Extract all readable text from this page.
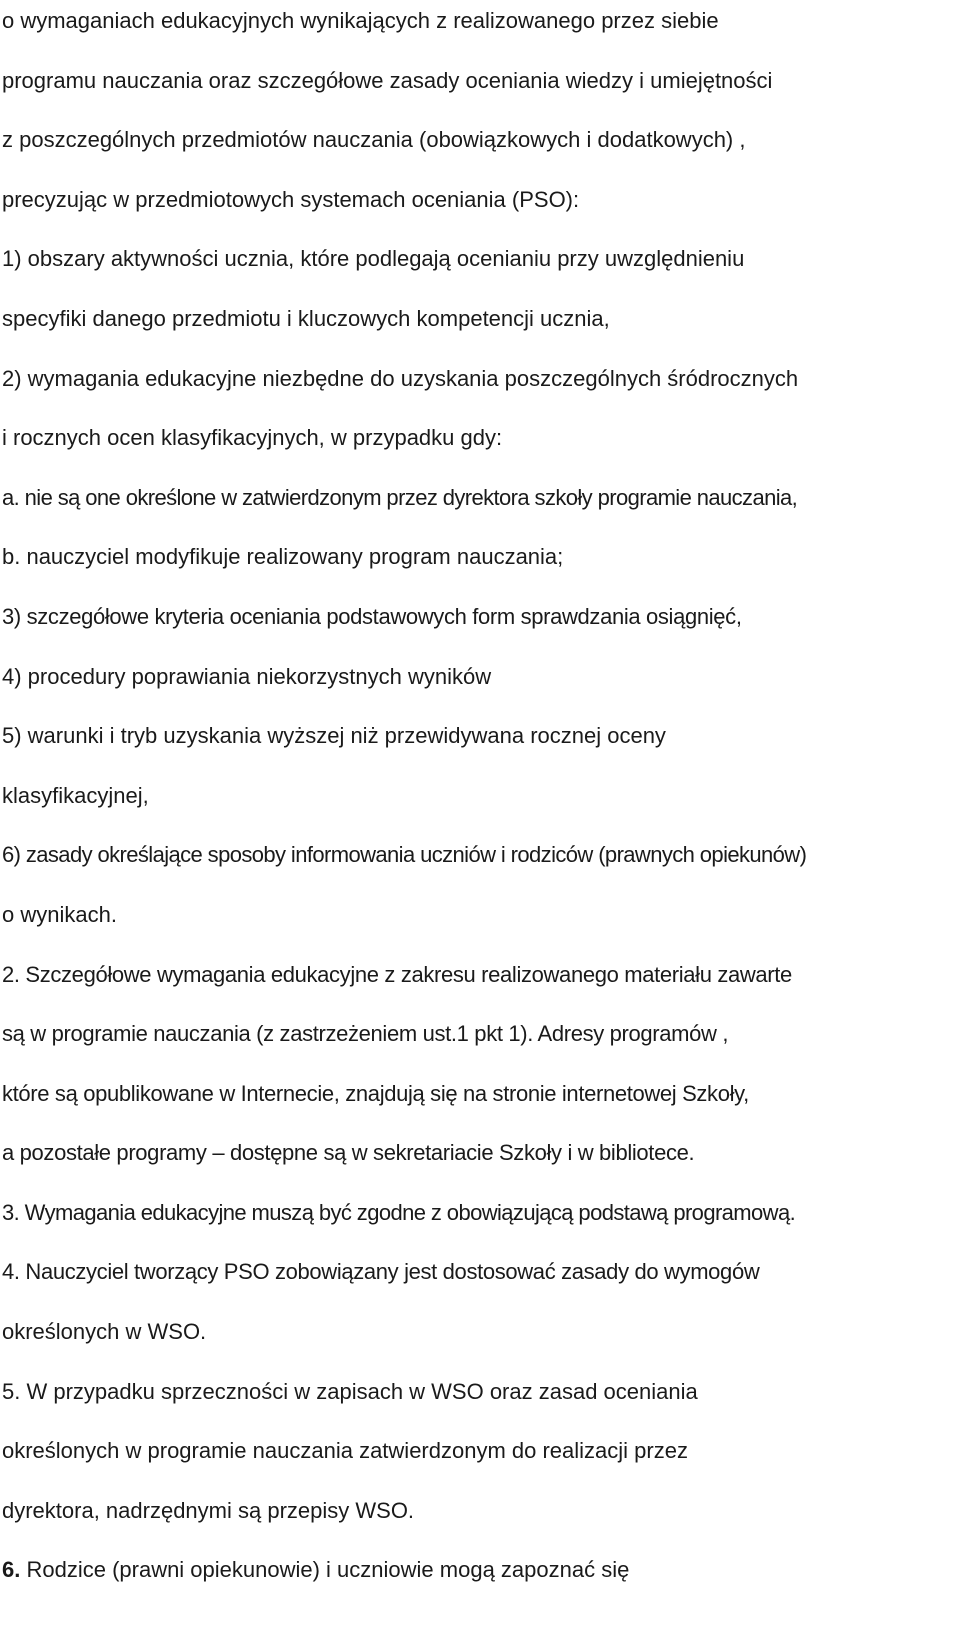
o wymaganiach edukacyjnych wynikających z realizowanego przez siebie
programu nauczania oraz szczegółowe zasady oceniania wiedzy i umiejętności
z poszczególnych przedmiotów nauczania (obowiązkowych i dodatkowych) ,
precyzując w przedmiotowych systemach oceniania (PSO):
1) obszary aktywności ucznia, które podlegają ocenianiu przy uwzględnieniu
specyfiki danego przedmiotu i kluczowych kompetencji ucznia,
2) wymagania edukacyjne niezbędne do uzyskania poszczególnych śródrocznych
i rocznych ocen klasyfikacyjnych, w przypadku gdy:
a. nie są one określone w zatwierdzonym przez dyrektora szkoły programie nauczania,
b. nauczyciel modyfikuje realizowany program nauczania;
3) szczegółowe kryteria oceniania podstawowych form sprawdzania osiągnięć,
4) procedury poprawiania niekorzystnych wyników
5) warunki i tryb uzyskania wyższej niż przewidywana rocznej oceny
klasyfikacyjnej,
6) zasady określające sposoby informowania uczniów i rodziców (prawnych opiekunów)
o wynikach.
2. Szczegółowe wymagania edukacyjne z zakresu realizowanego materiału zawarte
są w programie nauczania (z zastrzeżeniem ust.1 pkt 1). Adresy programów ,
które są opublikowane w Internecie, znajdują się na stronie internetowej Szkoły,
a pozostałe programy – dostępne są w sekretariacie Szkoły i w bibliotece.
3. Wymagania edukacyjne muszą być zgodne z obowiązującą podstawą programową.
4. Nauczyciel tworzący PSO zobowiązany jest dostosować zasady do wymogów
określonych w WSO.
5. W przypadku sprzeczności w zapisach w WSO oraz zasad oceniania
określonych w programie nauczania zatwierdzonym do realizacji przez
dyrektora, nadrzędnymi są przepisy WSO.
6. Rodzice (prawni opiekunowie) i uczniowie mogą zapoznać się
